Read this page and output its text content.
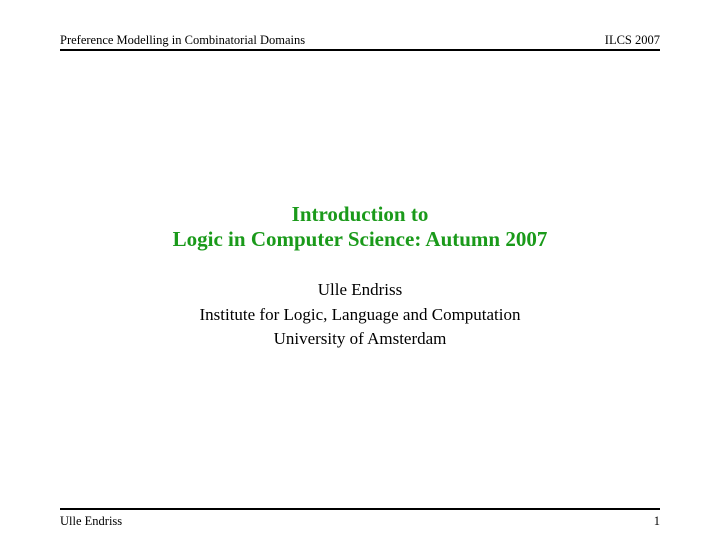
Preference Modelling in Combinatorial Domains	ILCS 2007
Introduction to
Logic in Computer Science: Autumn 2007
Ulle Endriss
Institute for Logic, Language and Computation
University of Amsterdam
Ulle Endriss	1
